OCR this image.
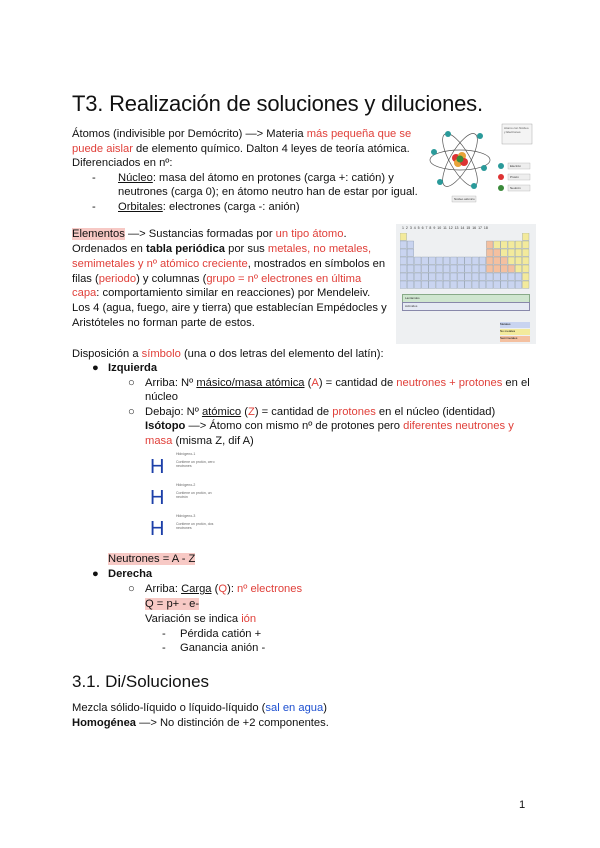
T3. Realización de soluciones y diluciones.
Átomos (indivisible por Demócrito) —> Materia más pequeña que se
puede aislar de elemento químico. Dalton 4 leyes de teoría atómica.
Diferenciados en nº:
- Núcleo: masa del átomo en protones (carga +: catión) y
neutrones (carga 0); en átomo neutro han de estar por igual.
- Orbitales: electrones (carga -: anión)
Atomo con Núcleo y Electrones
Electrón
Protón
Neutrón
Núcleo atómico
Elementos —> Sustancias formadas por un tipo átomo.
Ordenados en tabla periódica por sus metales, no metales,
semimetales y nº atómico creciente, mostrados en símbolos en
filas (periodo) y columnas (grupo = nº electrones en última
capa: comportamiento similar en reacciones) por Mendeleiv.
Los 4 (agua, fuego, aire y tierra) que establecían Empédocles y
Aristóteles no forman parte de estos.
1 2 3 4 5 6 7 8 9 10 11 12 13 14 15 16 17 18
Lantánidos
Actínidos
Metales
No metales
Semimetales
Disposición a símbolo (una o dos letras del elemento del latín):
● Izquierda
○ Arriba: Nº másico/masa atómica (A) = cantidad de neutrones + protones en el
núcleo
○ Debajo: Nº atómico (Z) = cantidad de protones en el núcleo (identidad)
Isótopo —> Átomo con mismo nº de protones pero diferentes neutrones y
masa (misma Z, dif A)
H
Hidrógeno-1
Contiene un protón, cero neutrones
H
Hidrógeno-2
Contiene un protón, un neutrón
H
Hidrógeno-3
Contiene un protón, dos neutrones
Neutrones = A - Z
● Derecha
○ Arriba: Carga (Q): nº electrones
Q = p+ - e-
Variación se indica ión
- Pérdida catión +
- Ganancia anión -
3.1. Di/Soluciones
Mezcla sólido-líquido o líquido-líquido (sal en agua)
Homogénea —> No distinción de +2 componentes.
1
